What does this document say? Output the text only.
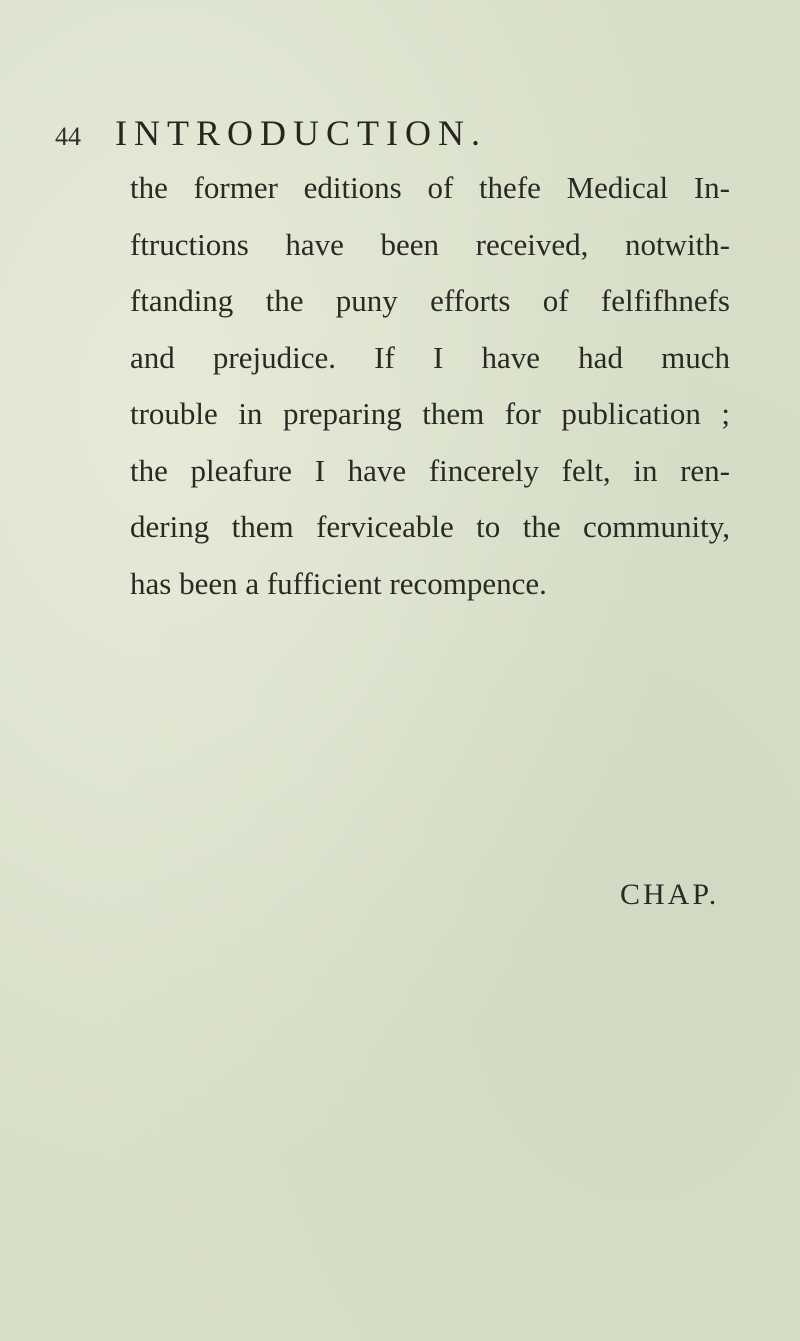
44 INTRODUCTION.
the former editions of thefe Medical In-
ftructions have been received, notwith-
ftanding the puny efforts of felfifhnefs
and prejudice. If I have had much
trouble in preparing them for publication ;
the pleafure I have fincerely felt, in ren-
dering them ferviceable to the community,
has been a fufficient recompence.
CHAP.
